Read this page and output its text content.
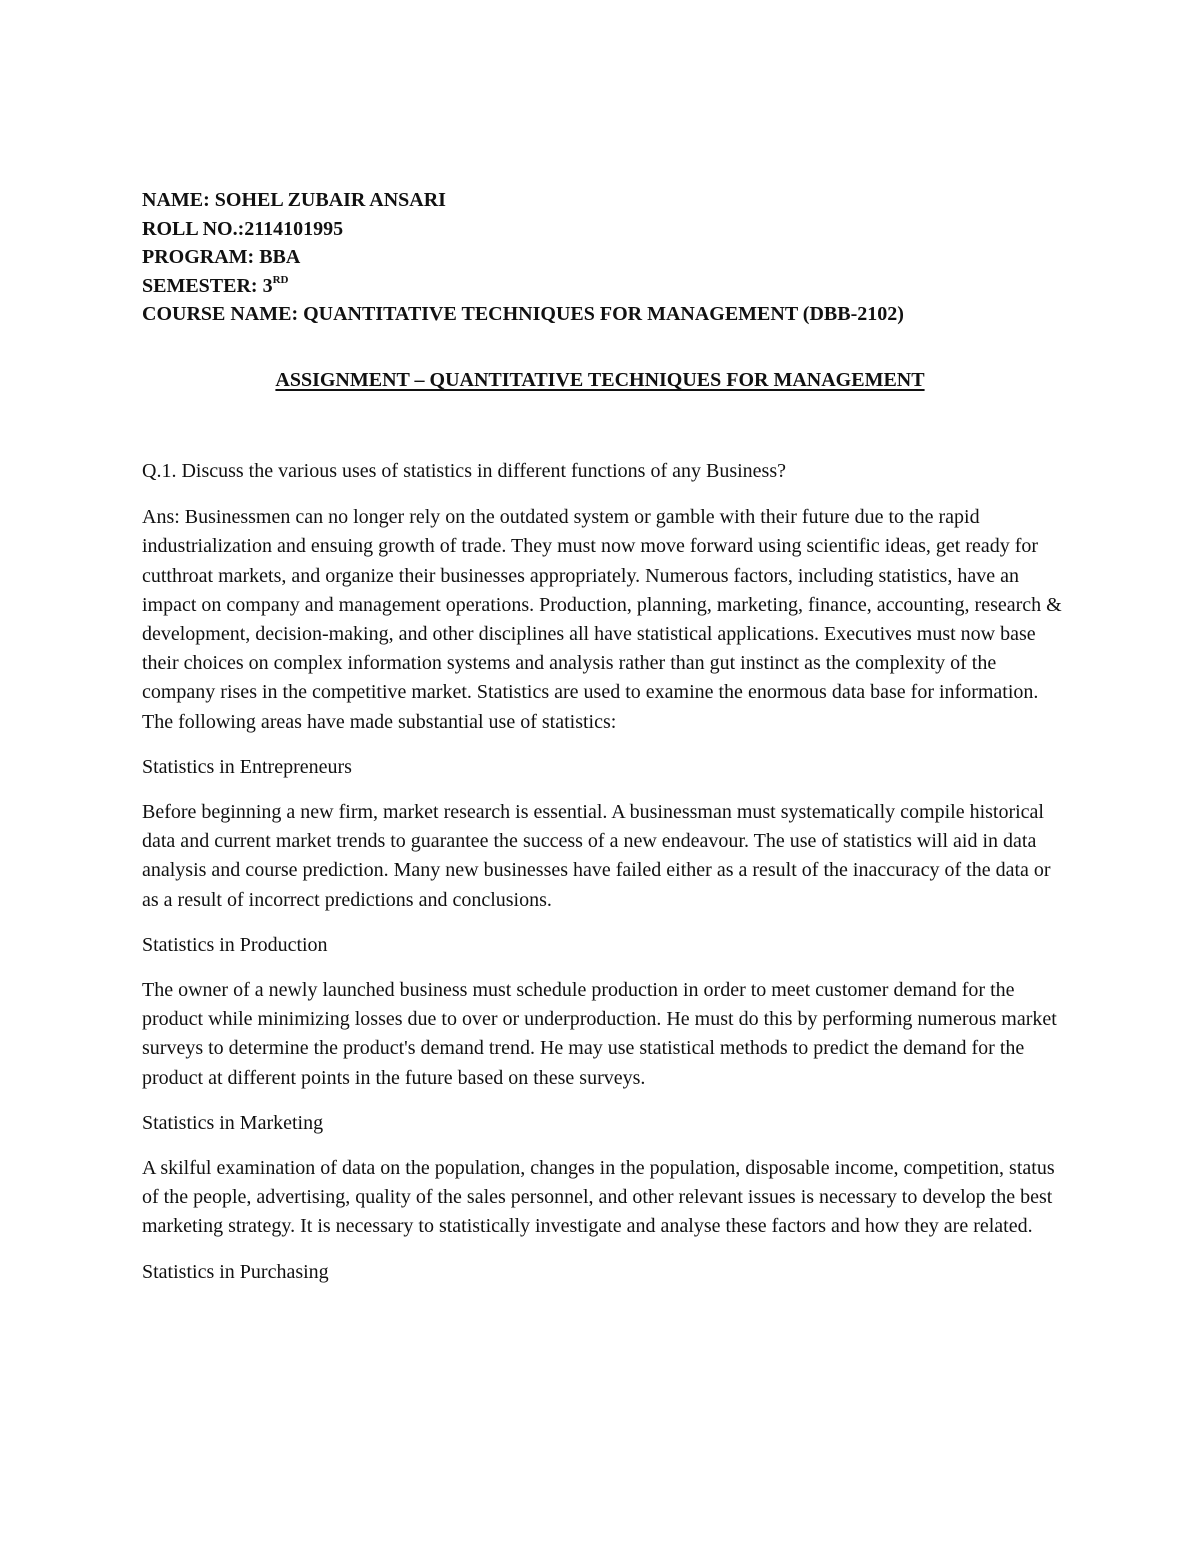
NAME: SOHEL ZUBAIR ANSARI
ROLL NO.:2114101995
PROGRAM: BBA
SEMESTER: 3RD
COURSE NAME: QUANTITATIVE TECHNIQUES FOR MANAGEMENT (DBB-2102)
ASSIGNMENT – QUANTITATIVE TECHNIQUES FOR MANAGEMENT

Q.1. Discuss the various uses of statistics in different functions of any Business?

Ans: Businessmen can no longer rely on the outdated system or gamble with their future due to the rapid industrialization and ensuing growth of trade. They must now move forward using scientific ideas, get ready for cutthroat markets, and organize their businesses appropriately. Numerous factors, including statistics, have an impact on company and management operations. Production, planning, marketing, finance, accounting, research & development, decision-making, and other disciplines all have statistical applications. Executives must now base their choices on complex information systems and analysis rather than gut instinct as the complexity of the company rises in the competitive market. Statistics are used to examine the enormous data base for information. The following areas have made substantial use of statistics:

Statistics in Entrepreneurs

Before beginning a new firm, market research is essential. A businessman must systematically compile historical data and current market trends to guarantee the success of a new endeavour. The use of statistics will aid in data analysis and course prediction. Many new businesses have failed either as a result of the inaccuracy of the data or as a result of incorrect predictions and conclusions.

Statistics in Production

The owner of a newly launched business must schedule production in order to meet customer demand for the product while minimizing losses due to over or underproduction. He must do this by performing numerous market surveys to determine the product's demand trend. He may use statistical methods to predict the demand for the product at different points in the future based on these surveys.

Statistics in Marketing

A skilful examination of data on the population, changes in the population, disposable income, competition, status of the people, advertising, quality of the sales personnel, and other relevant issues is necessary to develop the best marketing strategy. It is necessary to statistically investigate and analyse these factors and how they are related.

Statistics in Purchasing
